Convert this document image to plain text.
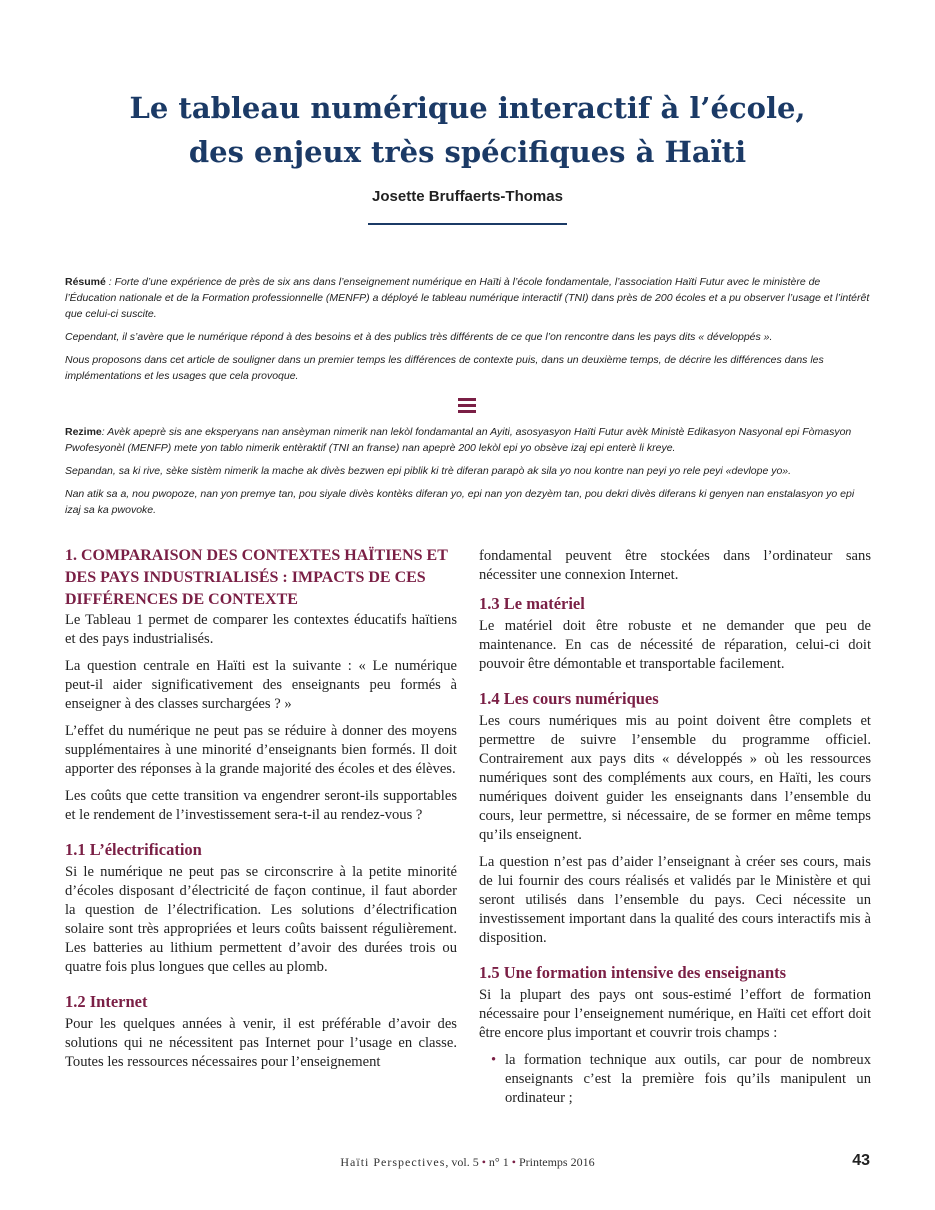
Le tableau numérique interactif à l’école,
des enjeux très spécifiques à Haïti
Josette Bruffaerts-Thomas

Résumé : Forte d’une expérience de près de six ans dans l’enseignement numérique en Haïti à l’école fondamentale, l’association Haïti Futur avec le ministère de l’Éducation nationale et de la Formation professionnelle (MENFP) a déployé le tableau numérique interactif (TNI) dans près de 200 écoles et a pu observer l’usage et l’intérêt que celui-ci suscite.

Cependant, il s’avère que le numérique répond à des besoins et à des publics très différents de ce que l’on rencontre dans les pays dits « développés ».

Nous proposons dans cet article de souligner dans un premier temps les différences de contexte puis, dans un deuxième temps, de décrire les différences dans les implémentations et les usages que cela provoque.

Rezime: Avèk apeprè sis ane eksperyans nan ansèyman nimerik nan lekòl fondamantal an Ayiti, asosyasyon Haïti Futur avèk Ministè Edikasyon Nasyonal epi Fòmasyon Pwofesyonèl (MENFP) mete yon tablo nimerik entèraktif (TNI an franse) nan apeprè 200 lekòl epi yo obsève izaj epi enterè li kreye.

Sepandan, sa ki rive, sèke sistèm nimerik la mache ak divès bezwen epi piblik ki trè diferan parapò ak sila yo nou kontre nan peyi yo rele peyi «devlope yo».

Nan atik sa a, nou pwopoze, nan yon premye tan, pou siyale divès kontèks diferan yo, epi nan yon dezyèm tan, pou dekri divès diferans ki genyen nan enstalasyon yo epi izaj sa ka pwovoke.

1. COMPARAISON DES CONTEXTES HAÏTIENS ET DES PAYS INDUSTRIALISÉS : IMPACTS DE CES DIFFÉRENCES DE CONTEXTE

Le Tableau 1 permet de comparer les contextes éducatifs haïtiens et des pays industrialisés.

La question centrale en Haïti est la suivante : « Le numérique peut-il aider significativement des enseignants peu formés à enseigner à des classes surchargées ? »

L’effet du numérique ne peut pas se réduire à donner des moyens supplémentaires à une minorité d’enseignants bien formés. Il doit apporter des réponses à la grande majorité des écoles et des élèves.

Les coûts que cette transition va engendrer seront-ils supportables et le rendement de l’investissement sera-t-il au rendez-vous ?

1.1 L’électrification

Si le numérique ne peut pas se circonscrire à la petite minorité d’écoles disposant d’électricité de façon continue, il faut aborder la question de l’électrification. Les solutions d’électrification solaire sont très appropriées et leurs coûts baissent régulièrement. Les batteries au lithium permettent d’avoir des durées trois ou quatre fois plus longues que celles au plomb.

1.2 Internet

Pour les quelques années à venir, il est préférable d’avoir des solutions qui ne nécessitent pas Internet pour l’usage en classe. Toutes les ressources nécessaires pour l’enseignement

fondamental peuvent être stockées dans l’ordinateur sans nécessiter une connexion Internet.

1.3 Le matériel

Le matériel doit être robuste et ne demander que peu de maintenance. En cas de nécessité de réparation, celui-ci doit pouvoir être démontable et transportable facilement.

1.4 Les cours numériques

Les cours numériques mis au point doivent être complets et permettre de suivre l’ensemble du programme officiel. Contrairement aux pays dits « développés » où les ressources numériques sont des compléments aux cours, en Haïti, les cours numériques doivent guider les enseignants dans l’ensemble du cours, leur permettre, si nécessaire, de se former en même temps qu’ils enseignent.

La question n’est pas d’aider l’enseignant à créer ses cours, mais de lui fournir des cours réalisés et validés par le Ministère et qui seront utilisés dans l’ensemble du pays. Ceci nécessite un investissement important dans la qualité des cours interactifs mis à disposition.

1.5 Une formation intensive des enseignants

Si la plupart des pays ont sous-estimé l’effort de formation nécessaire pour l’enseignement numérique, en Haïti cet effort doit être encore plus important et couvrir trois champs :

• la formation technique aux outils, car pour de nombreux enseignants c’est la première fois qu’ils manipulent un ordinateur ;
Haïti Perspectives, vol. 5 • n° 1 • Printemps 2016	43
